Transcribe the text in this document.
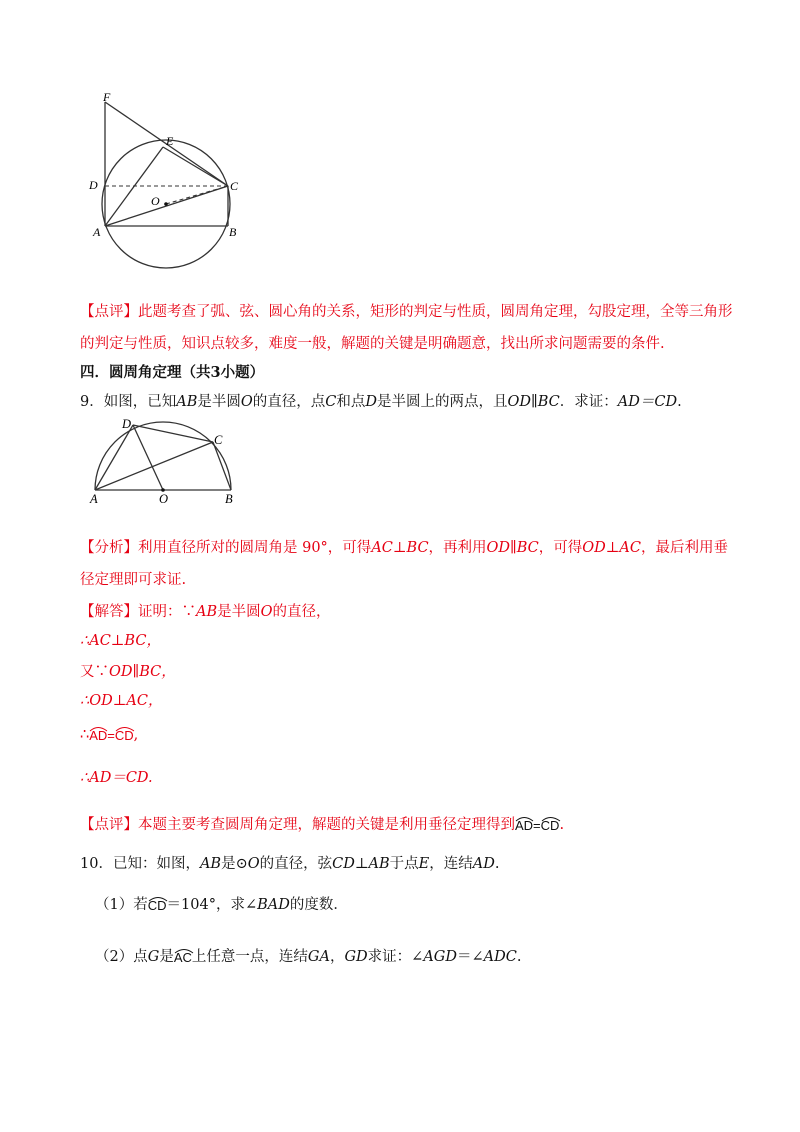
F
E
D	C
O
A	B
【点评】此题考查了弧、弦、圆心角的关系，矩形的判定与性质，圆周角定理，勾股定理，全等三角形
的判定与性质，知识点较多，难度一般，解题的关键是明确题意，找出所求问题需要的条件.
四．圆周角定理（共3小题）
9．如图，已知AB是半圆O的直径，点C和点D是半圆上的两点，且OD∥BC．求证：AD＝CD.
D
C
A	O	B
【分析】利用直径所对的圆周角是 90°，可得AC⊥BC，再利用OD∥BC，可得OD⊥AC，最后利用垂
径定理即可求证.
【解答】证明：∵AB是半圆O的直径，
∴AC⊥BC，
又∵OD∥BC，
∴OD⊥AC，
∴
AD=CD,
∴AD＝CD.
【点评】本题主要考查圆周角定理，解题的关键是利用垂径定理得到
AD=CD.
10．已知：如图，AB是⊙O的直径，弦CD⊥AB于点E，连结AD.
（1）若
CD＝104°，求∠BAD的度数．
（2）点G是
AC上任意一点，连结GA，GD求证：∠AGD＝∠ADC.
